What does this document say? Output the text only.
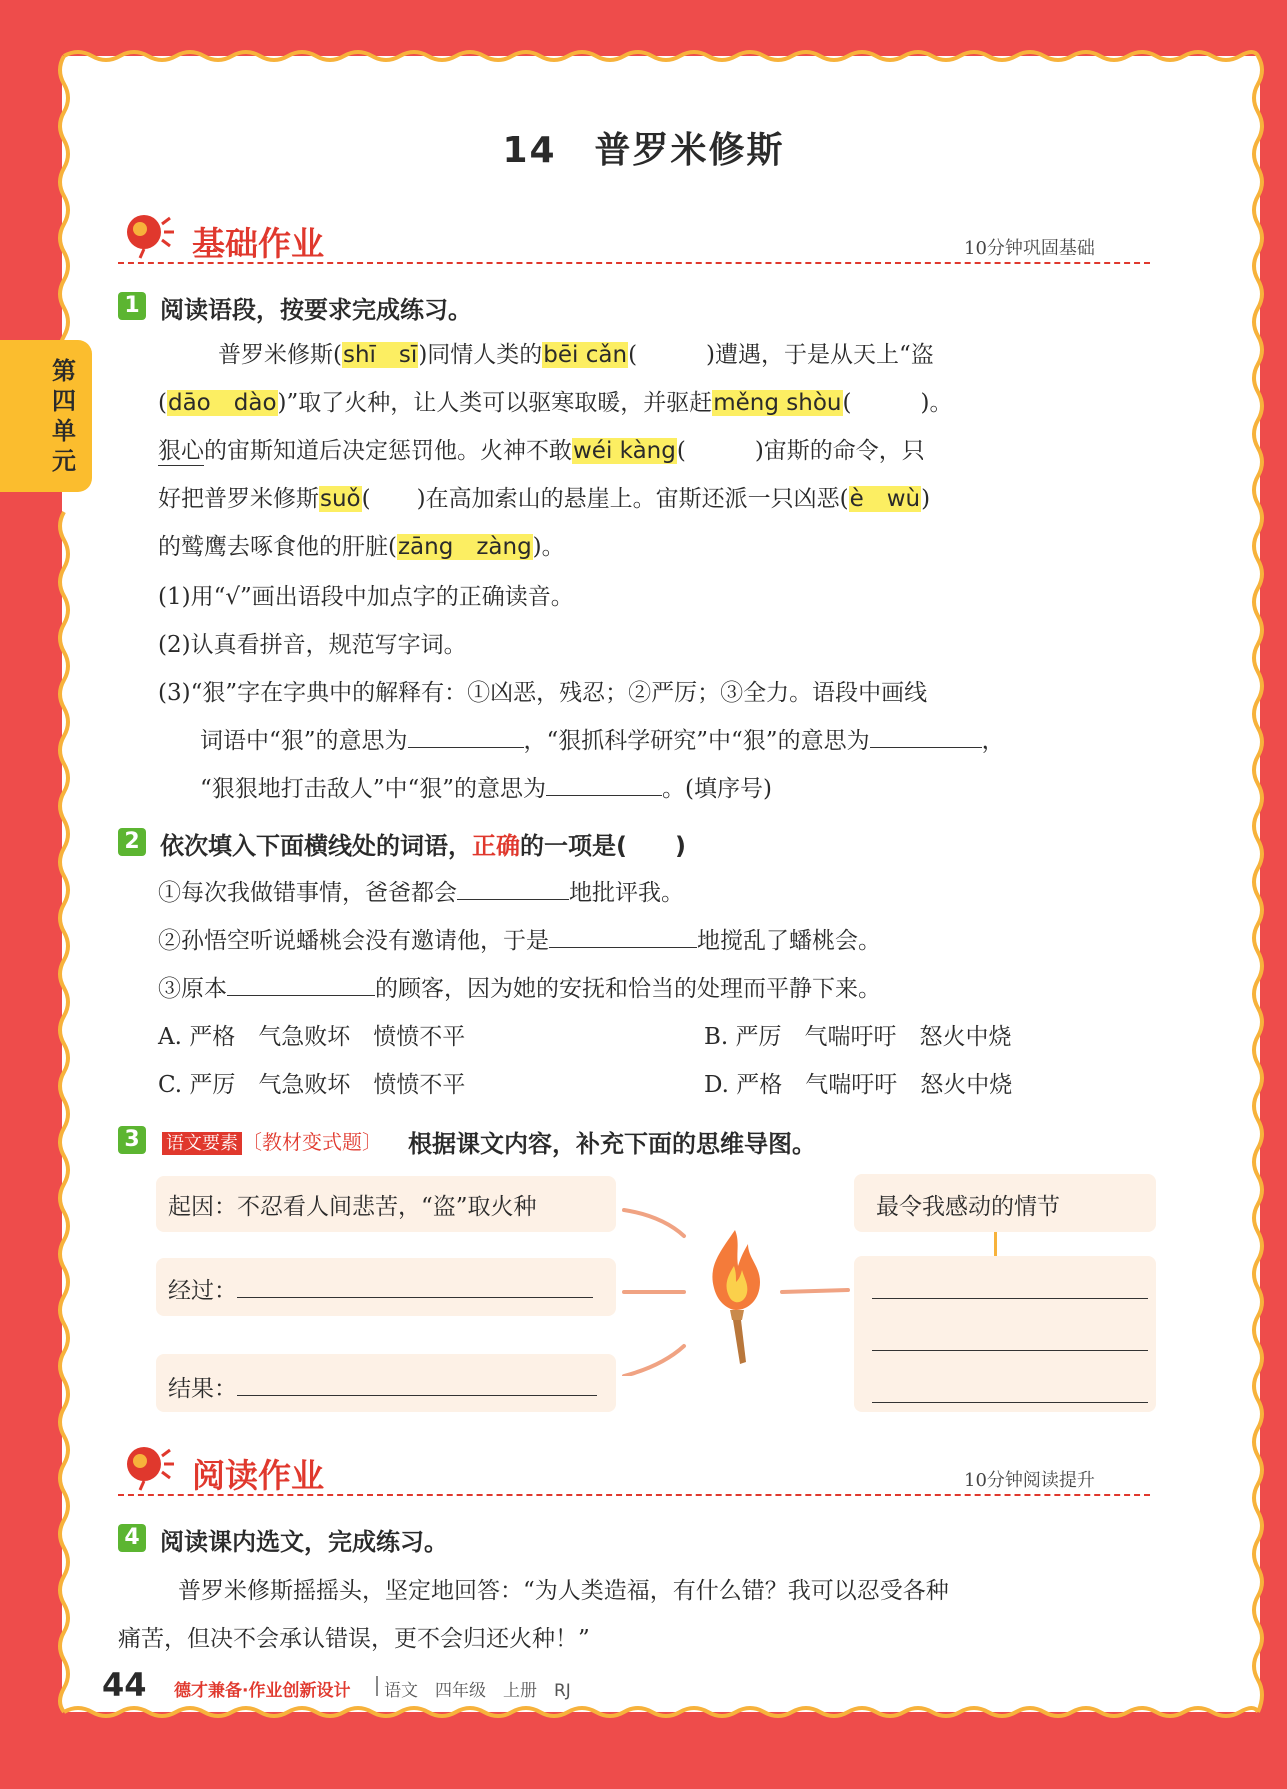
第四单元
14　普罗米修斯
基础作业	10分钟巩固基础
1 阅读语段，按要求完成练习。
普罗米修斯(shī　sī)同情人类的bēi cǎn(　　　)遭遇，于是从天上“盗
(dāo　dào)”取了火种，让人类可以驱寒取暖，并驱赶měng shòu(　　　)。
狠心的宙斯知道后决定惩罚他。火神不敢wéi kàng(　　　)宙斯的命令，只
好把普罗米修斯suǒ(　　)在高加索山的悬崖上。宙斯还派一只凶恶(è　wù)
的鹫鹰去啄食他的肝脏(zāng　zàng)。
(1)用“√”画出语段中加点字的正确读音。
(2)认真看拼音，规范写字词。
(3)“狠”字在字典中的解释有：①凶恶，残忍；②严厉；③全力。语段中画线
词语中“狠”的意思为	，“狠抓科学研究”中“狠”的意思为	，
“狠狠地打击敌人”中“狠”的意思为	。(填序号)
2 依次填入下面横线处的词语，正确的一项是(　　)
①每次我做错事情，爸爸都会	地批评我。
②孙悟空听说蟠桃会没有邀请他，于是	地搅乱了蟠桃会。
③原本	的顾客，因为她的安抚和恰当的处理而平静下来。
A. 严格　气急败坏　愤愤不平	B. 严厉　气喘吁吁　怒火中烧
C. 严厉　气急败坏　愤愤不平	D. 严格　气喘吁吁　怒火中烧
3	语文要素 〔教材变式题〕 根据课文内容，补充下面的思维导图。
起因：不忍看人间悲苦，“盗”取火种
经过：
结果：
最令我感动的情节
阅读作业	10分钟阅读提升
4 阅读课内选文，完成练习。
普罗米修斯摇摇头，坚定地回答：“为人类造福，有什么错？我可以忍受各种
痛苦，但决不会承认错误，更不会归还火种！”
44 德才兼备·作业创新设计 语文　四年级　上册　RJ
